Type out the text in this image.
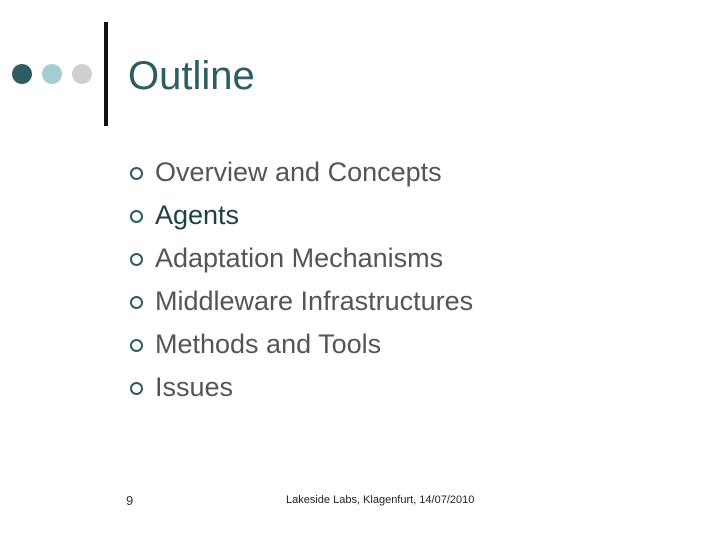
Outline
Overview and Concepts
Agents
Adaptation Mechanisms
Middleware Infrastructures
Methods and Tools
Issues
9	Lakeside Labs, Klagenfurt, 14/07/2010
